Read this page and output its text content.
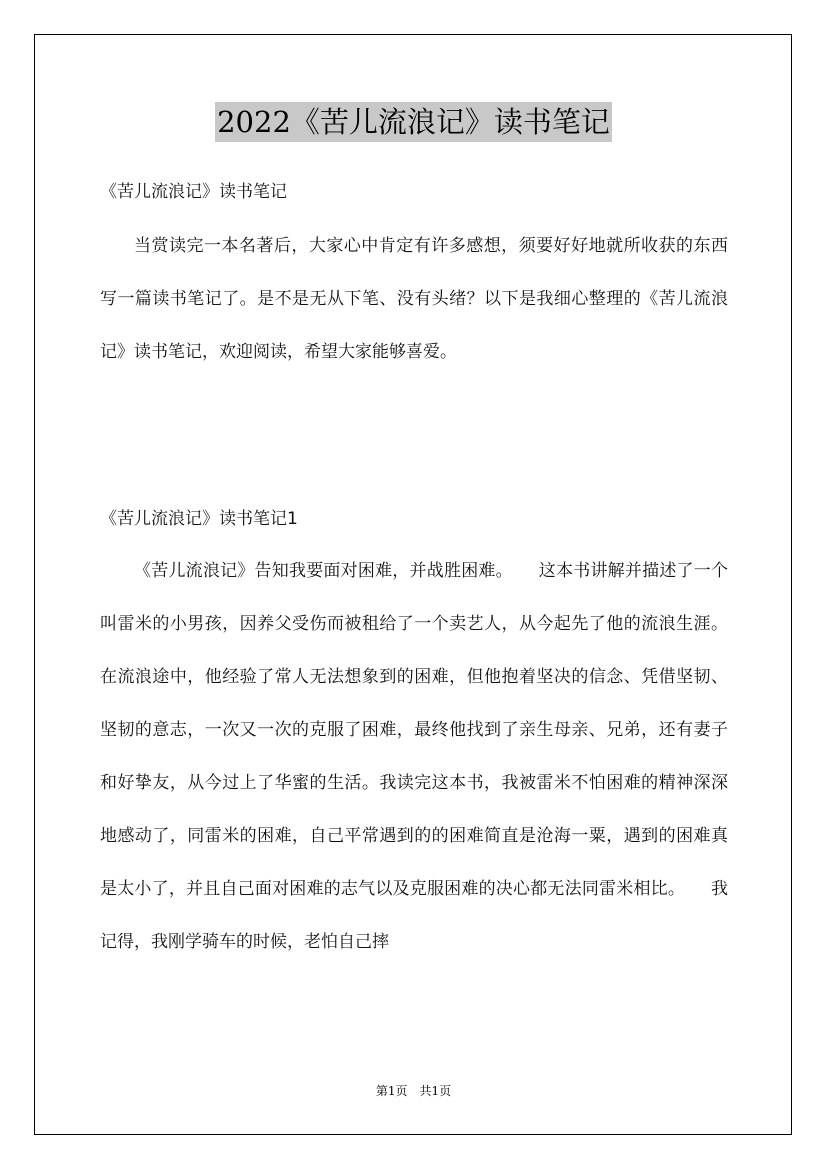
2022《苦儿流浪记》读书笔记
《苦儿流浪记》读书笔记

当赏读完一本名著后，大家心中肯定有许多感想，须要好好地就所收获的东西写一篇读书笔记了。是不是无从下笔、没有头绪？以下是我细心整理的《苦儿流浪记》读书笔记，欢迎阅读，希望大家能够喜爱。

《苦儿流浪记》读书笔记1

《苦儿流浪记》告知我要面对困难，并战胜困难。　　这本书讲解并描述了一个叫雷米的小男孩，因养父受伤而被租给了一个卖艺人，从今起先了他的流浪生涯。在流浪途中，他经验了常人无法想象到的困难，但他抱着坚决的信念、凭借坚韧、坚韧的意志，一次又一次的克服了困难，最终他找到了亲生母亲、兄弟，还有妻子和好挚友，从今过上了华蜜的生活。我读完这本书，我被雷米不怕困难的精神深深地感动了，同雷米的困难，自己平常遇到的的困难简直是沧海一粟，遇到的困难真是太小了，并且自己面对困难的志气以及克服困难的决心都无法同雷米相比。　　我记得，我刚学骑车的时候，老怕自己摔

第1页　共1页
